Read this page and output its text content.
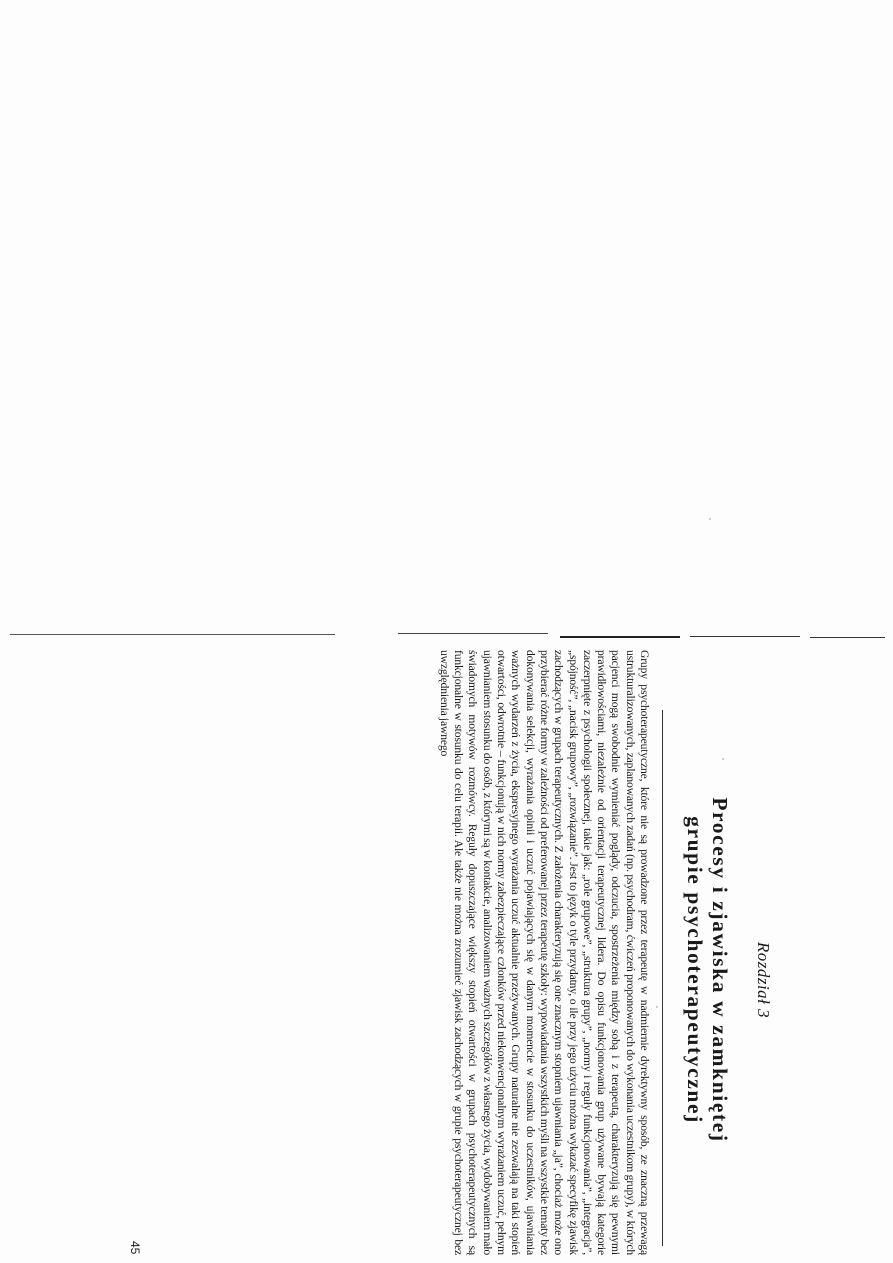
Rozdział 3
Procesy i zjawiska w zamkniętej
grupie psychoterapeutycznej

Grupy psychoterapeutyczne, które nie są prowadzone przez terapeutę w nadmiernie dyrektywny sposób, ze znaczną przewagą ustrukturalizowanych, zaplanowanych zadań (np. psychodram, ćwiczeń proponowanych do wykonania uczestnikom grupy), w których pacjenci mogą swobodnie wymieniać poglądy, odczucia, spostrzeżenia między sobą i z terapeutą, charakteryzują się pewnymi prawidłowościami, niezależnie od orientacji terapeutycznej lidera. Do opisu funkcjonowania grup używane bywają kategorie zaczerpnięte z psychologii społecznej, takie jak: „role grupowe”, „struktura grupy”, „normy i reguły funkcjonowania”, „integracja”, „spójność”, „nacisk grupowy”, „rozwiązanie”. Jest to język o tyle przydatny, o ile przy jego użyciu można wykazać specyfikę zjawisk zachodzących w grupach terapeutycznych. Z założenia charakteryzują się one znacznym stopniem ujawniania „ja”, chociaż może ono przybierać różne formy w zależności od preferowanej przez terapeutę szkoły: wypowiadania wszystkich myśli na wszystkie tematy bez dokonywania selekcji, wyrażania opinii i uczuć pojawiających się w danym momencie w stosunku do uczestników, ujawniania ważnych wydarzeń z życia, ekspresyjnego wyrażania uczuć aktualnie przeżywanych. Grupy naturalne nie zezwalają na taki stopień otwartości, odwrotnie – funkcjonują w nich normy zabezpieczające członków przed niekonwencjonalnym wyrażaniem uczuć, pełnym ujawnianiem stosunku do osób, z którymi są w kontakcie, analizowaniem ważnych szczegółów z własnego życia, wydobywaniem mało świadomych motywów rozmówcy. Reguły dopuszczające większy stopień otwartości w grupach psychoterapeutycznych są funkcjonalne w stosunku do celu terapii. Ale także nie można zrozumieć zjawisk zachodzących w grupie psychoterapeutycznej bez uwzględnienia jawnego

45
